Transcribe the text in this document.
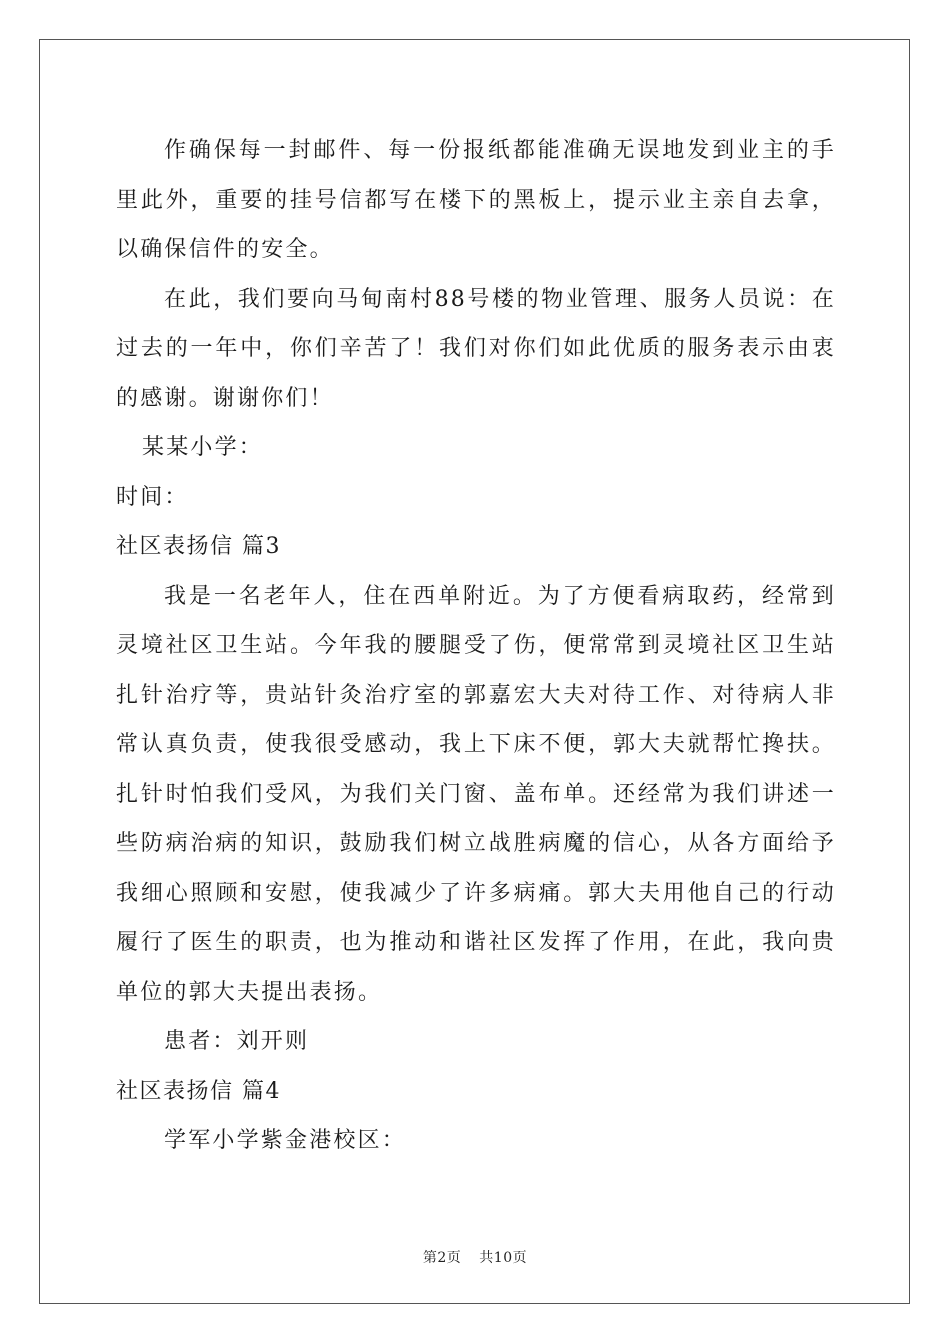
作确保每一封邮件、每一份报纸都能准确无误地发到业主的手里此外，重要的挂号信都写在楼下的黑板上，提示业主亲自去拿，以确保信件的安全。

在此，我们要向马甸南村88号楼的物业管理、服务人员说：在过去的一年中，你们辛苦了！我们对你们如此优质的服务表示由衷的感谢。谢谢你们！

某某小学：

时间：

社区表扬信 篇3

我是一名老年人，住在西单附近。为了方便看病取药，经常到灵境社区卫生站。今年我的腰腿受了伤，便常常到灵境社区卫生站扎针治疗等，贵站针灸治疗室的郭嘉宏大夫对待工作、对待病人非常认真负责，使我很受感动，我上下床不便，郭大夫就帮忙搀扶。扎针时怕我们受风，为我们关门窗、盖布单。还经常为我们讲述一些防病治病的知识，鼓励我们树立战胜病魔的信心，从各方面给予我细心照顾和安慰，使我减少了许多病痛。郭大夫用他自己的行动履行了医生的职责，也为推动和谐社区发挥了作用，在此，我向贵单位的郭大夫提出表扬。

患者：刘开则

社区表扬信 篇4

学军小学紫金港校区：

第2页 共10页
